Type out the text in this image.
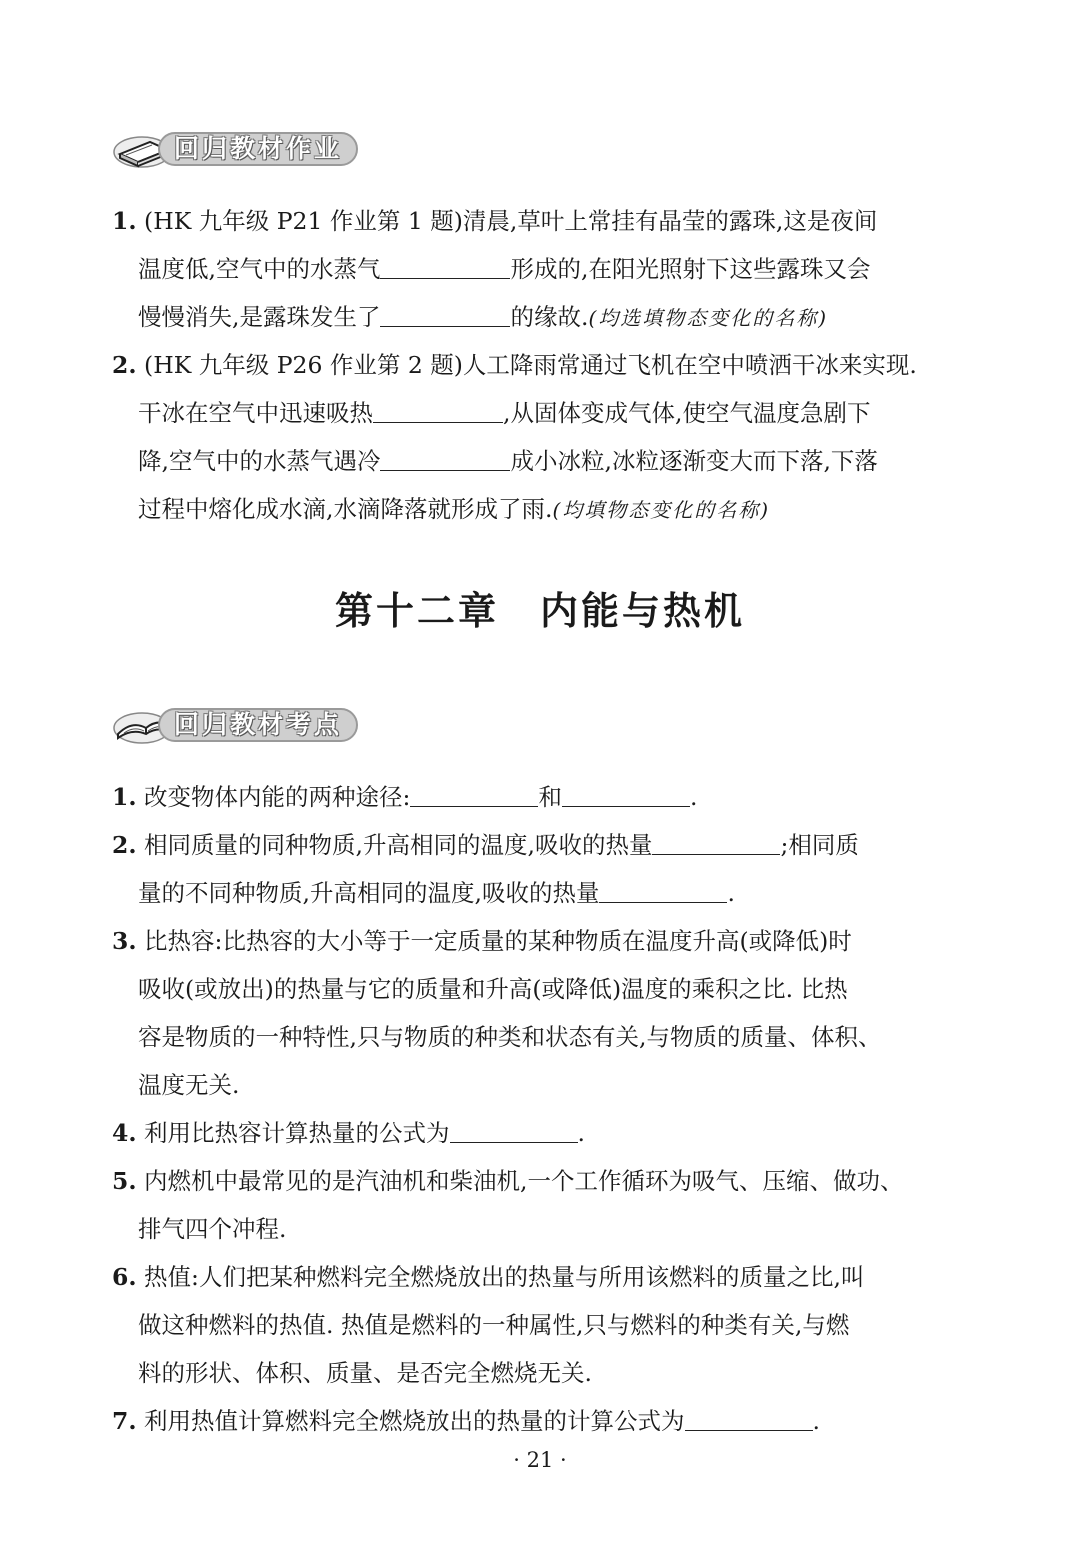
回归教材作业
1. (HK 九年级 P21 作业第 1 题)清晨,草叶上常挂有晶莹的露珠,这是夜间
温度低,空气中的水蒸气	形成的,在阳光照射下这些露珠又会
慢慢消失,是露珠发生了	的缘故.(均选填物态变化的名称)
2. (HK 九年级 P26 作业第 2 题)人工降雨常通过飞机在空中喷洒干冰来实现.
干冰在空气中迅速吸热	,从固体变成气体,使空气温度急剧下
降,空气中的水蒸气遇冷	成小冰粒,冰粒逐渐变大而下落,下落
过程中熔化成水滴,水滴降落就形成了雨.(均填物态变化的名称)
第十二章　内能与热机
回归教材考点
1. 改变物体内能的两种途径:	和	.
2. 相同质量的同种物质,升高相同的温度,吸收的热量	;相同质
量的不同种物质,升高相同的温度,吸收的热量	.
3. 比热容:比热容的大小等于一定质量的某种物质在温度升高(或降低)时
吸收(或放出)的热量与它的质量和升高(或降低)温度的乘积之比. 比热
容是物质的一种特性,只与物质的种类和状态有关,与物质的质量、体积、
温度无关.
4. 利用比热容计算热量的公式为	.
5. 内燃机中最常见的是汽油机和柴油机,一个工作循环为吸气、压缩、做功、
排气四个冲程.
6. 热值:人们把某种燃料完全燃烧放出的热量与所用该燃料的质量之比,叫
做这种燃料的热值. 热值是燃料的一种属性,只与燃料的种类有关,与燃
料的形状、体积、质量、是否完全燃烧无关.
7. 利用热值计算燃料完全燃烧放出的热量的计算公式为	.
· 21 ·
